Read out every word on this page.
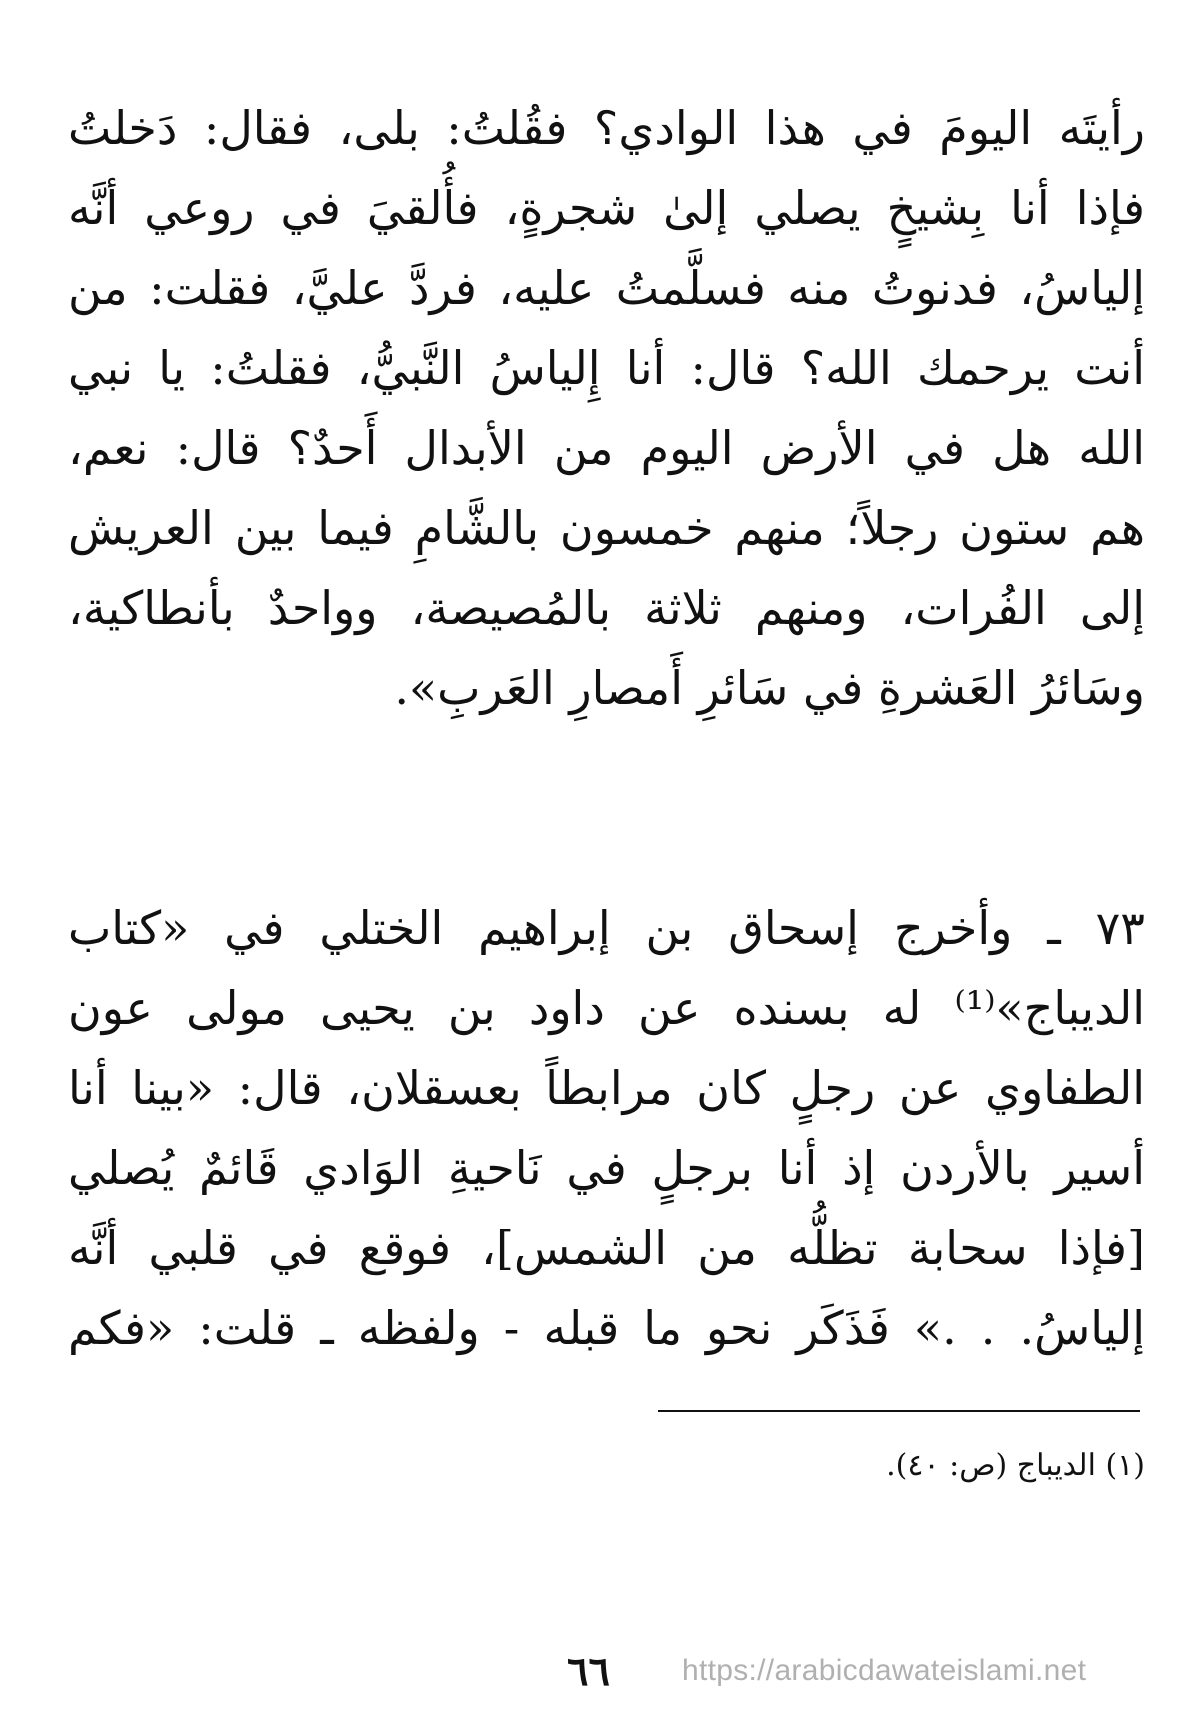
رأيتَه اليومَ في هذا الوادي؟ فقُلتُ: بلى، فقال: دَخلتُ
فإذا أنا بِشيخٍ يصلي إلىٰ شجرةٍ، فأُلقيَ في روعي أنَّه
إلياسُ، فدنوتُ منه فسلَّمتُ عليه، فردَّ عليَّ، فقلت: من
أنت يرحمك الله؟ قال: أنا إِلياسُ النَّبيُّ، فقلتُ: يا نبي
الله هل في الأرض اليوم من الأبدال أَحدٌ؟ قال: نعم،
هم ستون رجلاً؛ منهم خمسون بالشَّامِ فيما بين العريش
إلى الفُرات، ومنهم ثلاثة بالمُصيصة، وواحدٌ بأنطاكية،
وسَائرُ العَشرةِ في سَائرِ أَمصارِ العَربِ».
٧٣ ـ وأخرج إسحاق بن إبراهيم الختلي في «كتاب
الديباج»⁽¹⁾ له بسنده عن داود بن يحيى مولى عون
الطفاوي عن رجلٍ كان مرابطاً بعسقلان، قال: «بينا أنا
أسير بالأردن إذ أنا برجلٍ في نَاحيةِ الوَادي قَائمٌ يُصلي
[فإذا سحابة تظلُّه من الشمس]، فوقع في قلبي أنَّه
إلياسُ. . .» فَذَكَر نحو ما قبله - ولفظه ـ قلت: «فكم
(١) الديباج (ص: ٤٠).
٦٦ https://arabicdawateislami.net
